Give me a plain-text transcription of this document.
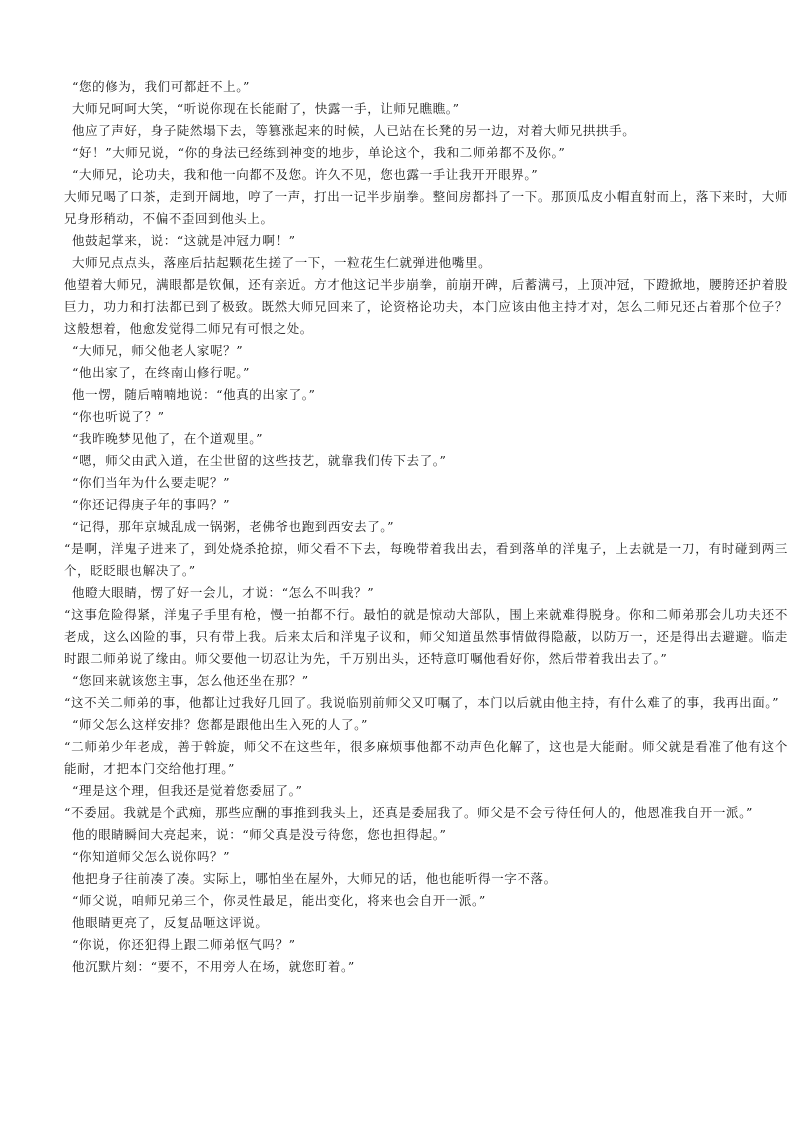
“您的修为，我们可都赶不上。”

大师兄呵呵大笑，“听说你现在长能耐了，快露一手，让师兄瞧瞧。”

他应了声好，身子陡然塌下去，等篡涨起来的时候，人已站在长凳的另一边，对着大师兄拱拱手。

“好！”大师兄说，“你的身法已经练到神变的地步，单论这个，我和二师弟都不及你。”

“大师兄，论功夫，我和他一向都不及您。许久不见，您也露一手让我开开眼界。”

大师兄喝了口茶，走到开阔地，哼了一声，打出一记半步崩拳。整间房都抖了一下。那顶瓜皮小帽直射而上，落下来时，大师兄身形稍动，不偏不歪回到他头上。

他鼓起掌来，说：“这就是冲冠力啊！”

大师兄点点头，落座后拈起颗花生搓了一下，一粒花生仁就弹进他嘴里。

他望着大师兄，满眼都是钦佩，还有亲近。方才他这记半步崩拳，前崩开碑，后蓄满弓，上顶冲冠，下蹬掀地，腰胯还护着股巨力，功力和打法都已到了极致。既然大师兄回来了，论资格论功夫，本门应该由他主持才对，怎么二师兄还占着那个位子？这般想着，他愈发觉得二师兄有可恨之处。

“大师兄，师父他老人家呢？”

“他出家了，在终南山修行呢。”

他一愣，随后喃喃地说：“他真的出家了。”

“你也听说了？”

“我昨晚梦见他了，在个道观里。”

“嗯，师父由武入道，在尘世留的这些技艺，就靠我们传下去了。”

“你们当年为什么要走呢？”

“你还记得庚子年的事吗？”

“记得，那年京城乱成一锅粥，老佛爷也跑到西安去了。”

“是啊，洋鬼子进来了，到处烧杀抢掠，师父看不下去，每晚带着我出去，看到落单的洋鬼子，上去就是一刀，有时碰到两三个，眨眨眼也解决了。”

他瞪大眼睛，愣了好一会儿，才说：“怎么不叫我？”

“这事危险得紧，洋鬼子手里有枪，慢一拍都不行。最怕的就是惊动大部队，围上来就难得脱身。你和二师弟那会儿功夫还不老成，这么凶险的事，只有带上我。后来太后和洋鬼子议和，师父知道虽然事情做得隐蔽，以防万一，还是得出去避避。临走时跟二师弟说了缘由。师父要他一切忍让为先，千万别出头，还特意叮嘱他看好你，然后带着我出去了。”

“您回来就该您主事，怎么他还坐在那？”

“这不关二师弟的事，他都让过我好几回了。我说临别前师父又叮嘱了，本门以后就由他主持，有什么难了的事，我再出面。”

“师父怎么这样安排？您都是跟他出生入死的人了。”

“二师弟少年老成，善于斡旋，师父不在这些年，很多麻烦事他都不动声色化解了，这也是大能耐。师父就是看准了他有这个能耐，才把本门交给他打理。”

“理是这个理，但我还是觉着您委屈了。”

“不委屈。我就是个武痴，那些应酬的事推到我头上，还真是委屈我了。师父是不会亏待任何人的，他恩准我自开一派。”

他的眼睛瞬间大亮起来，说：“师父真是没亏待您，您也担得起。”

“你知道师父怎么说你吗？”

他把身子往前凑了凑。实际上，哪怕坐在屋外，大师兄的话，他也能听得一字不落。

“师父说，咱师兄弟三个，你灵性最足，能出变化，将来也会自开一派。”

他眼睛更亮了，反复品咂这评说。

“你说，你还犯得上跟二师弟怄气吗？”

他沉默片刻：“要不，不用旁人在场，就您盯着。”
